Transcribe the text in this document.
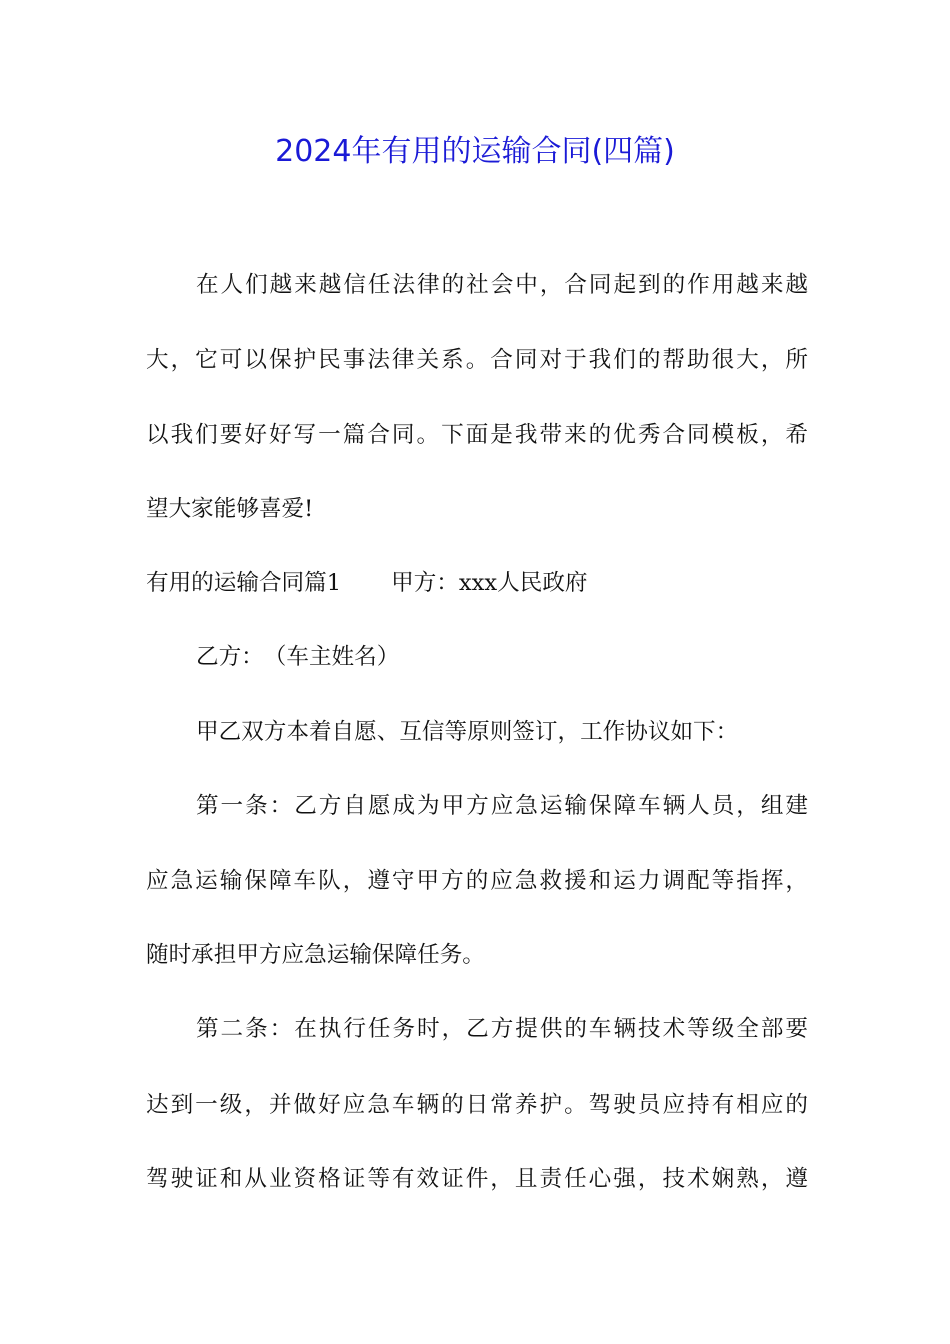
2024年有用的运输合同(四篇)
在人们越来越信任法律的社会中，合同起到的作用越来越
大，它可以保护民事法律关系。合同对于我们的帮助很大，所
以我们要好好写一篇合同。下面是我带来的优秀合同模板，希
望大家能够喜爱!
有用的运输合同篇1 甲方：xxx人民政府
乙方：　（车主姓名）
甲乙双方本着自愿、互信等原则签订，工作协议如下：
第一条：乙方自愿成为甲方应急运输保障车辆人员，组建
应急运输保障车队，遵守甲方的应急救援和运力调配等指挥，
随时承担甲方应急运输保障任务。
第二条：在执行任务时，乙方提供的车辆技术等级全部要
达到一级，并做好应急车辆的日常养护。驾驶员应持有相应的
驾驶证和从业资格证等有效证件，且责任心强，技术娴熟，遵
